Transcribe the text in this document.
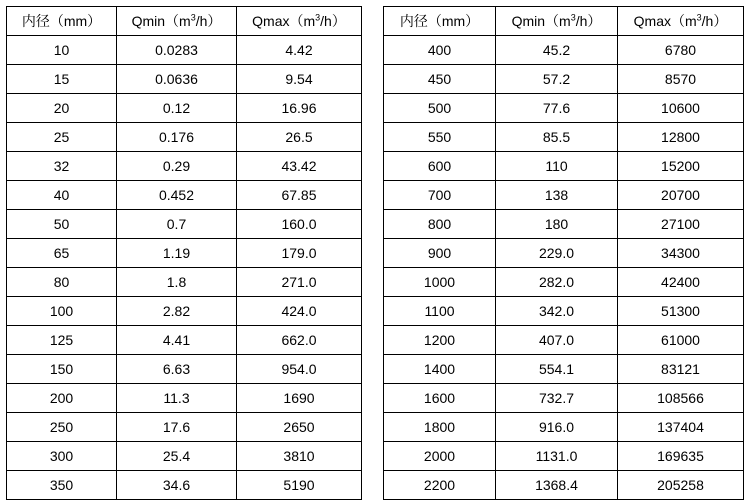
内径（mm）	$Qmin(m^3/h)$	$Qmax(m^3/h)$
10	0.0283	4.42
15	0.0636	9.54
20	0.12	16.96
25	0.176	26.5
32	0.29	43.42
40	0.452	67.85
50	0.7	160.0
65	1.19	179.0
80	1.8	271.0
100	2.82	424.0
125	4.41	662.0
150	6.63	954.0
200	11.3	1690
250	17.6	2650
300	25.4	3810
350	34.6	5190
内径（mm）	$Qmin(m^3/h)$	$Qmax(m^3/h)$
400	45.2	6780
450	57.2	8570
500	77.6	10600
550	85.5	12800
600	110	15200
700	138	20700
800	180	27100
900	229.0	34300
1000	282.0	42400
1100	342.0	51300
1200	407.0	61000
1400	554.1	83121
1600	732.7	108566
1800	916.0	137404
2000	1131.0	169635
2200	1368.4	205258
